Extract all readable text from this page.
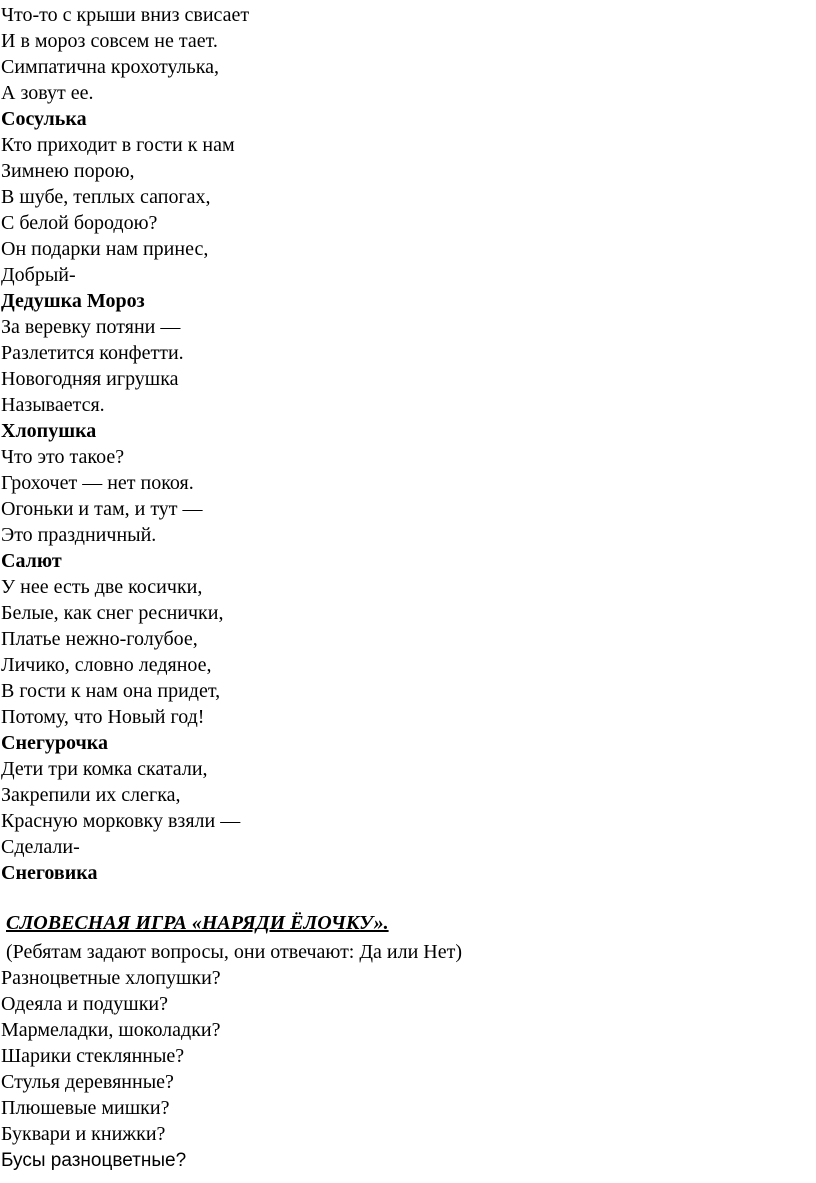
Что-то с крыши вниз свисает

И в мороз совсем не тает.

Симпатична крохотулька,

А зовут ее.

Сосулька

Кто приходит в гости к нам

Зимнею порою,

В шубе, теплых сапогах,

С белой бородою?

Он подарки нам принес,

Добрый-

Дедушка Мороз

За веревку потяни —

Разлетится конфетти.

Новогодняя игрушка

Называется.

Хлопушка

Что это такое?

Грохочет — нет покоя.

Огоньки и там, и тут —

Это праздничный.

Салют

У нее есть две косички,

Белые, как снег реснички,

Платье нежно-голубое,

Личико, словно ледяное,

В гости к нам она придет,

Потому, что Новый год!

Снегурочка

Дети три комка скатали,

Закрепили их слегка,

Красную морковку взяли —

Сделали-

Снеговика

СЛОВЕСНАЯ ИГРА «НАРЯДИ ЁЛОЧКУ».

(Ребятам задают вопросы, они отвечают: Да или Нет)

Разноцветные хлопушки?

Одеяла и подушки?

Мармеладки, шоколадки?

Шарики стеклянные?

Стулья деревянные?

Плюшевые мишки?

Буквари и книжки?

Бусы разноцветные?
